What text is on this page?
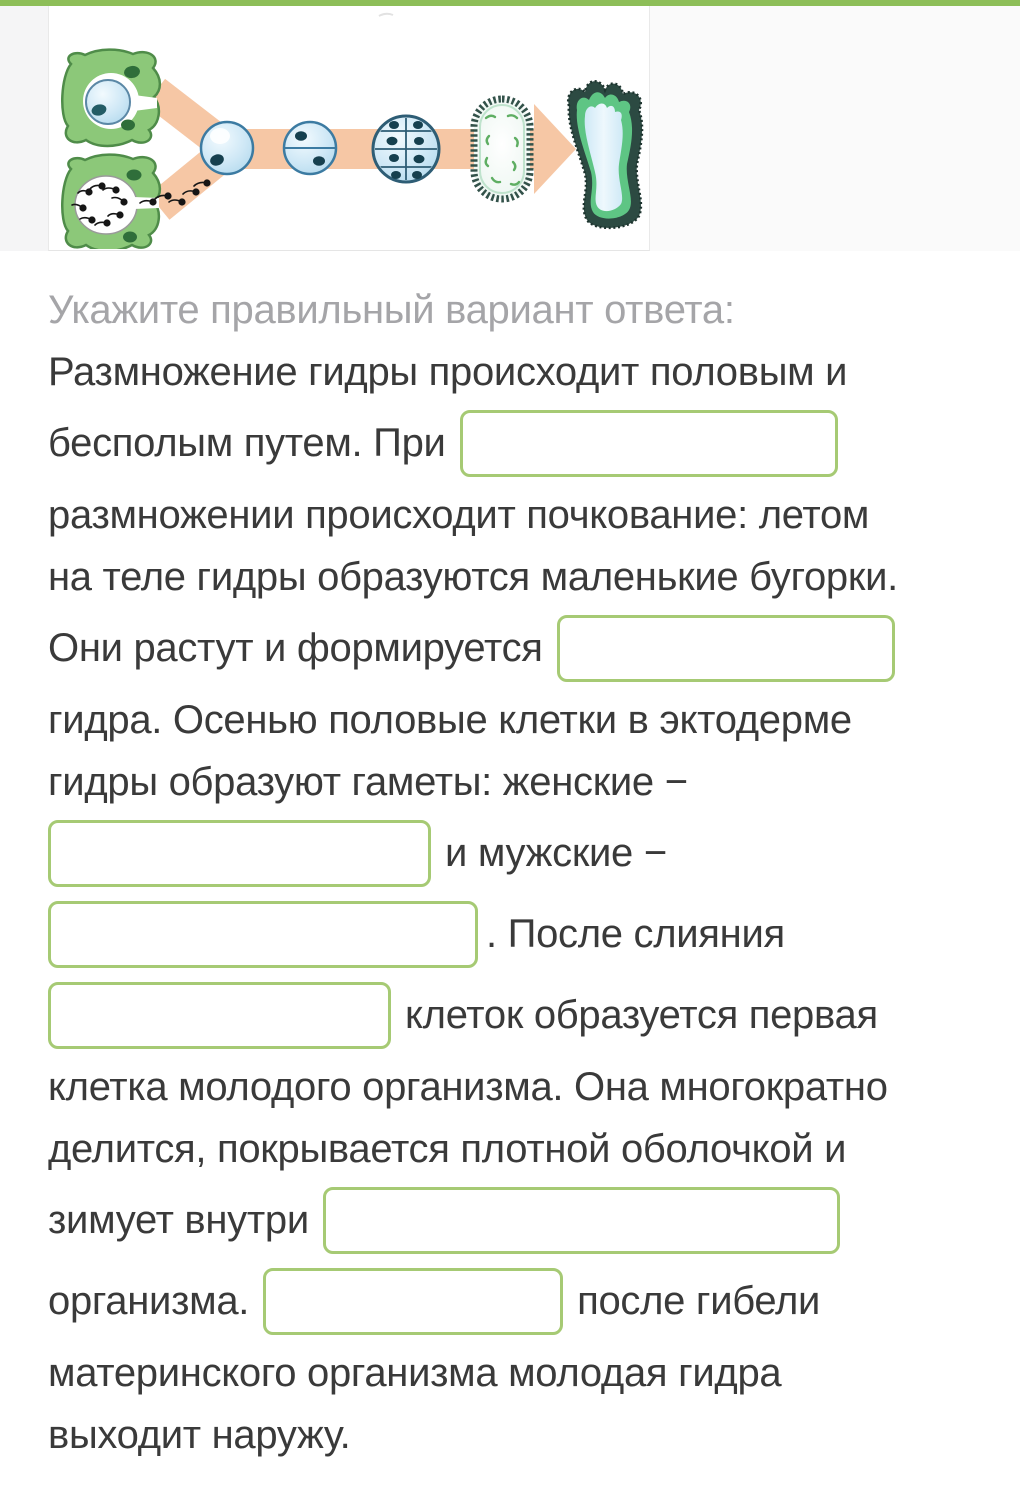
Укажите правильный вариант ответа:
Размножение гидры происходит половым и
бесполым путем. При
размножении происходит почкование: летом
на теле гидры образуются маленькие бугорки.
Они растут и формируется
гидра. Осенью половые клетки в эктодерме
гидры образуют гаметы: женские −
и мужские −
. После слияния
клеток образуется первая
клетка молодого организма. Она многократно
делится, покрывается плотной оболочкой и
зимует внутри
организма.	после гибели
материнского организма молодая гидра
выходит наружу.
